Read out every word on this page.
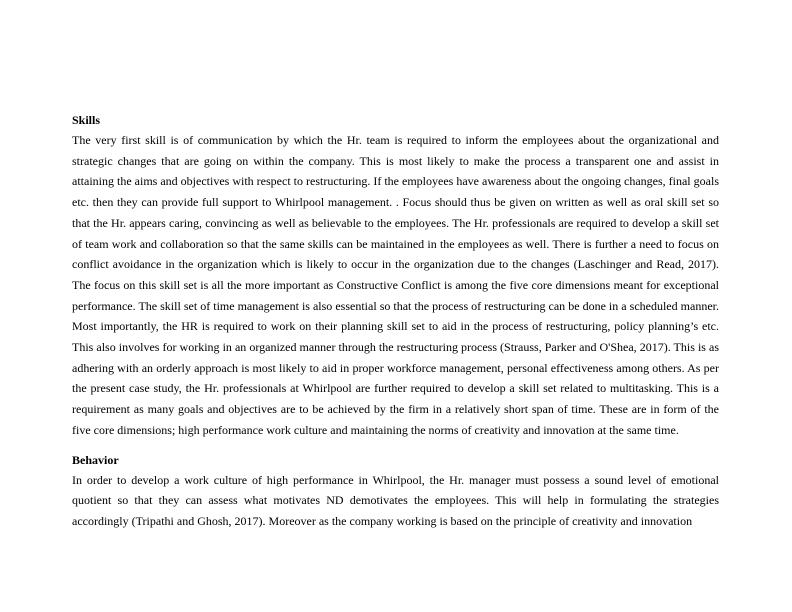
Skills

The very first skill is of communication by which the Hr. team is required to inform the employees about the organizational and strategic changes that are going on within the company. This is most likely to make the process a transparent one and assist in attaining the aims and objectives with respect to restructuring. If the employees have awareness about the ongoing changes, final goals etc. then they can provide full support to Whirlpool management. . Focus should thus be given on written as well as oral skill set so that the Hr. appears caring, convincing as well as believable to the employees. The Hr. professionals are required to develop a skill set of team work and collaboration so that the same skills can be maintained in the employees as well. There is further a need to focus on conflict avoidance in the organization which is likely to occur in the organization due to the changes (Laschinger and Read, 2017). The focus on this skill set is all the more important as Constructive Conflict is among the five core dimensions meant for exceptional performance. The skill set of time management is also essential so that the process of restructuring can be done in a scheduled manner. Most importantly, the HR is required to work on their planning skill set to aid in the process of restructuring, policy planning’s etc. This also involves for working in an organized manner through the restructuring process (Strauss, Parker and O'Shea, 2017). This is as adhering with an orderly approach is most likely to aid in proper workforce management, personal effectiveness among others. As per the present case study, the Hr. professionals at Whirlpool are further required to develop a skill set related to multitasking. This is a requirement as many goals and objectives are to be achieved by the firm in a relatively short span of time. These are in form of the five core dimensions; high performance work culture and maintaining the norms of creativity and innovation at the same time.

Behavior

In order to develop a work culture of high performance in Whirlpool, the Hr. manager must possess a sound level of emotional quotient so that they can assess what motivates ND demotivates the employees. This will help in formulating the strategies accordingly (Tripathi and Ghosh, 2017). Moreover as the company working is based on the principle of creativity and innovation
